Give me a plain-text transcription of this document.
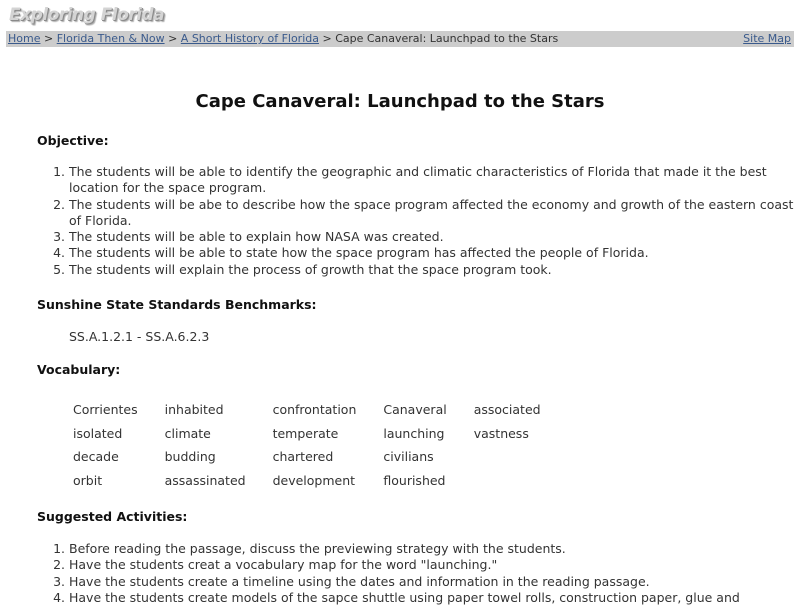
Exploring Florida
Home > Florida Then & Now > A Short History of Florida > Cape Canaveral: Launchpad to the Stars	Site Map
Cape Canaveral: Launchpad to the Stars
Objective:
1. The students will be able to identify the geographic and climatic characteristics of Florida that made it the best location for the space program.
2. The students will be abe to describe how the space program affected the economy and growth of the eastern coast of Florida.
3. The students will be able to explain how NASA was created.
4. The students will be able to state how the space program has affected the people of Florida.
5. The students will explain the process of growth that the space program took.
Sunshine State Standards Benchmarks:
SS.A.1.2.1 - SS.A.6.2.3
Vocabulary:
Corrientes	inhabited	confrontation	Canaveral	associated
isolated	climate	temperate	launching	vastness
decade	budding	chartered	civilians	
orbit	assassinated	development	flourished	
Suggested Activities:
1. Before reading the passage, discuss the previewing strategy with the students.
2. Have the students creat a vocabulary map for the word "launching."
3. Have the students create a timeline using the dates and information in the reading passage.
4. Have the students create models of the sapce shuttle using paper towel rolls, construction paper, glue and
